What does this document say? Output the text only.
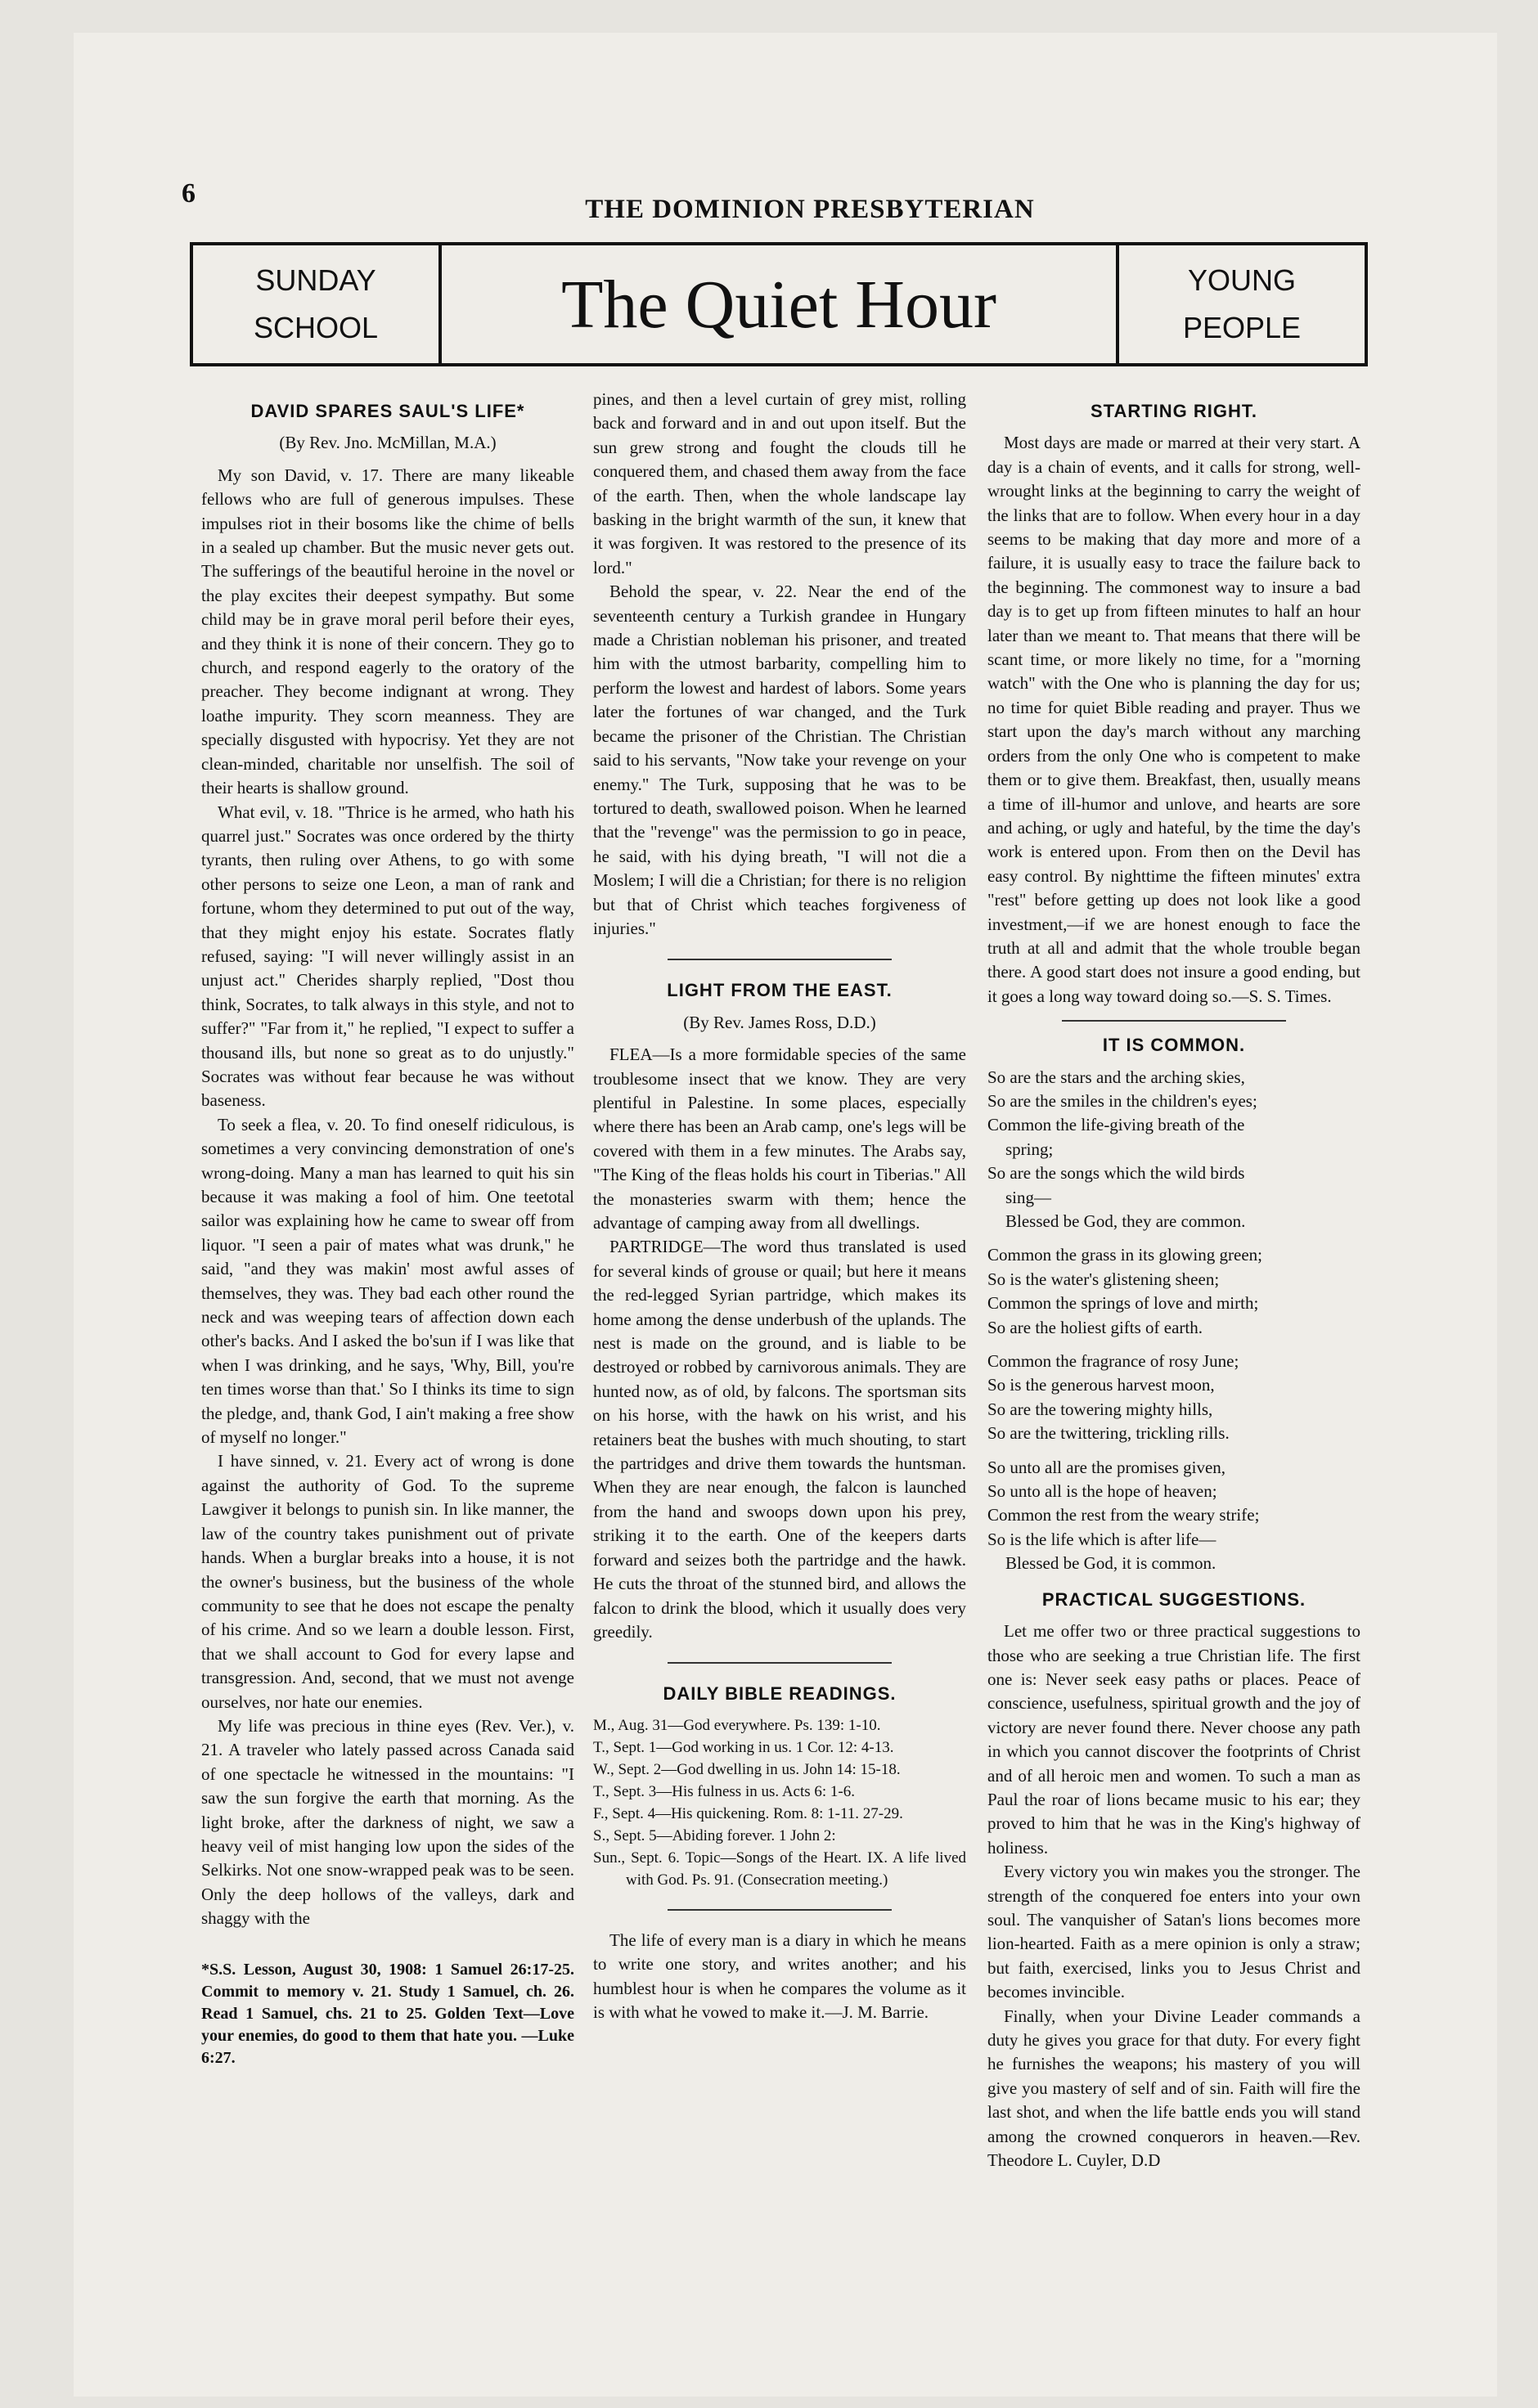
6
THE DOMINION PRESBYTERIAN
SUNDAY
SCHOOL	The Quiet Hour	YOUNG
PEOPLE
DAVID SPARES SAUL'S LIFE*
(By Rev. Jno. McMillan, M.A.)

My son David, v. 17. There are many likeable fellows who are full of generous impulses. These impulses riot in their bosoms like the chime of bells in a sealed up chamber. But the music never gets out. The sufferings of the beautiful heroine in the novel or the play excites their deepest sympathy. But some child may be in grave moral peril before their eyes, and they think it is none of their concern. They go to church, and respond eagerly to the oratory of the preacher. They become indignant at wrong. They loathe impurity. They scorn meanness. They are specially disgusted with hypocrisy. Yet they are not clean-minded, charitable nor unselfish. The soil of their hearts is shallow ground.

What evil, v. 18. "Thrice is he armed, who hath his quarrel just." Socrates was once ordered by the thirty tyrants, then ruling over Athens, to go with some other persons to seize one Leon, a man of rank and fortune, whom they determined to put out of the way, that they might enjoy his estate. Socrates flatly refused, saying: "I will never willingly assist in an unjust act." Cherides sharply replied, "Dost thou think, Socrates, to talk always in this style, and not to suffer?" "Far from it," he replied, "I expect to suffer a thousand ills, but none so great as to do unjustly." Socrates was without fear because he was without baseness.

To seek a flea, v. 20. To find oneself ridiculous, is sometimes a very convincing demonstration of one's wrong-doing. Many a man has learned to quit his sin because it was making a fool of him. One teetotal sailor was explaining how he came to swear off from liquor. "I seen a pair of mates what was drunk," he said, "and they was makin' most awful asses of themselves, they was. They bad each other round the neck and was weeping tears of affection down each other's backs. And I asked the bo'sun if I was like that when I was drinking, and he says, 'Why, Bill, you're ten times worse than that.' So I thinks its time to sign the pledge, and, thank God, I ain't making a free show of myself no longer."

I have sinned, v. 21. Every act of wrong is done against the authority of God. To the supreme Lawgiver it belongs to punish sin. In like manner, the law of the country takes punishment out of private hands. When a burglar breaks into a house, it is not the owner's business, but the business of the whole community to see that he does not escape the penalty of his crime. And so we learn a double lesson. First, that we shall account to God for every lapse and transgression. And, second, that we must not avenge ourselves, nor hate our enemies.

My life was precious in thine eyes (Rev. Ver.), v. 21. A traveler who lately passed across Canada said of one spectacle he witnessed in the mountains: "I saw the sun forgive the earth that morning. As the light broke, after the darkness of night, we saw a heavy veil of mist hanging low upon the sides of the Selkirks. Not one snow-wrapped peak was to be seen. Only the deep hollows of the valleys, dark and shaggy with the

*S.S. Lesson, August 30, 1908: 1 Samuel 26:17-25. Commit to memory v. 21. Study 1 Samuel, ch. 26. Read 1 Samuel, chs. 21 to 25. Golden Text—Love your enemies, do good to them that hate you. —Luke 6:27.

pines, and then a level curtain of grey mist, rolling back and forward and in and out upon itself. But the sun grew strong and fought the clouds till he conquered them, and chased them away from the face of the earth. Then, when the whole landscape lay basking in the bright warmth of the sun, it knew that it was forgiven. It was restored to the presence of its lord."

Behold the spear, v. 22. Near the end of the seventeenth century a Turkish grandee in Hungary made a Christian nobleman his prisoner, and treated him with the utmost barbarity, compelling him to perform the lowest and hardest of labors. Some years later the fortunes of war changed, and the Turk became the prisoner of the Christian. The Christian said to his servants, "Now take your revenge on your enemy." The Turk, supposing that he was to be tortured to death, swallowed poison. When he learned that the "revenge" was the permission to go in peace, he said, with his dying breath, "I will not die a Moslem; I will die a Christian; for there is no religion but that of Christ which teaches forgiveness of injuries."

LIGHT FROM THE EAST.
(By Rev. James Ross, D.D.)

FLEA—Is a more formidable species of the same troublesome insect that we know. They are very plentiful in Palestine. In some places, especially where there has been an Arab camp, one's legs will be covered with them in a few minutes. The Arabs say, "The King of the fleas holds his court in Tiberias." All the monasteries swarm with them; hence the advantage of camping away from all dwellings.

PARTRIDGE—The word thus translated is used for several kinds of grouse or quail; but here it means the red-legged Syrian partridge, which makes its home among the dense underbush of the uplands. The nest is made on the ground, and is liable to be destroyed or robbed by carnivorous animals. They are hunted now, as of old, by falcons. The sportsman sits on his horse, with the hawk on his wrist, and his retainers beat the bushes with much shouting, to start the partridges and drive them towards the huntsman. When they are near enough, the falcon is launched from the hand and swoops down upon his prey, striking it to the earth. One of the keepers darts forward and seizes both the partridge and the hawk. He cuts the throat of the stunned bird, and allows the falcon to drink the blood, which it usually does very greedily.

DAILY BIBLE READINGS.
M., Aug. 31—God everywhere. Ps. 139: 1-10.
T., Sept. 1—God working in us. 1 Cor. 12: 4-13.
W., Sept. 2—God dwelling in us. John 14: 15-18.
T., Sept. 3—His fulness in us. Acts 6: 1-6.
F., Sept. 4—His quickening. Rom. 8: 1-11. 27-29.
S., Sept. 5—Abiding forever. 1 John 2:
Sun., Sept. 6. Topic—Songs of the Heart. IX. A life lived with God. Ps. 91. (Consecration meeting.)

The life of every man is a diary in which he means to write one story, and writes another; and his humblest hour is when he compares the volume as it is with what he vowed to make it.—J. M. Barrie.

STARTING RIGHT.

Most days are made or marred at their very start. A day is a chain of events, and it calls for strong, well-wrought links at the beginning to carry the weight of the links that are to follow. When every hour in a day seems to be making that day more and more of a failure, it is usually easy to trace the failure back to the beginning. The commonest way to insure a bad day is to get up from fifteen minutes to half an hour later than we meant to. That means that there will be scant time, or more likely no time, for a "morning watch" with the One who is planning the day for us; no time for quiet Bible reading and prayer. Thus we start upon the day's march without any marching orders from the only One who is competent to make them or to give them. Breakfast, then, usually means a time of ill-humor and unlove, and hearts are sore and aching, or ugly and hateful, by the time the day's work is entered upon. From then on the Devil has easy control. By nighttime the fifteen minutes' extra "rest" before getting up does not look like a good investment,—if we are honest enough to face the truth at all and admit that the whole trouble began there. A good start does not insure a good ending, but it goes a long way toward doing so.—S. S. Times.

IT IS COMMON.
So are the stars and the arching skies,
So are the smiles in the children's eyes;
Common the life-giving breath of the
spring;
So are the songs which the wild birds
sing—
Blessed be God, they are common.
Common the grass in its glowing green;
So is the water's glistening sheen;
Common the springs of love and mirth;
So are the holiest gifts of earth.
Common the fragrance of rosy June;
So is the generous harvest moon,
So are the towering mighty hills,
So are the twittering, trickling rills.
So unto all are the promises given,
So unto all is the hope of heaven;
Common the rest from the weary strife;
So is the life which is after life—
Blessed be God, it is common.
PRACTICAL SUGGESTIONS.

Let me offer two or three practical suggestions to those who are seeking a true Christian life. The first one is: Never seek easy paths or places. Peace of conscience, usefulness, spiritual growth and the joy of victory are never found there. Never choose any path in which you cannot discover the footprints of Christ and of all heroic men and women. To such a man as Paul the roar of lions became music to his ear; they proved to him that he was in the King's highway of holiness.

Every victory you win makes you the stronger. The strength of the conquered foe enters into your own soul. The vanquisher of Satan's lions becomes more lion-hearted. Faith as a mere opinion is only a straw; but faith, exercised, links you to Jesus Christ and becomes invincible.

Finally, when your Divine Leader commands a duty he gives you grace for that duty. For every fight he furnishes the weapons; his mastery of you will give you mastery of self and of sin. Faith will fire the last shot, and when the life battle ends you will stand among the crowned conquerors in heaven.—Rev. Theodore L. Cuyler, D.D
